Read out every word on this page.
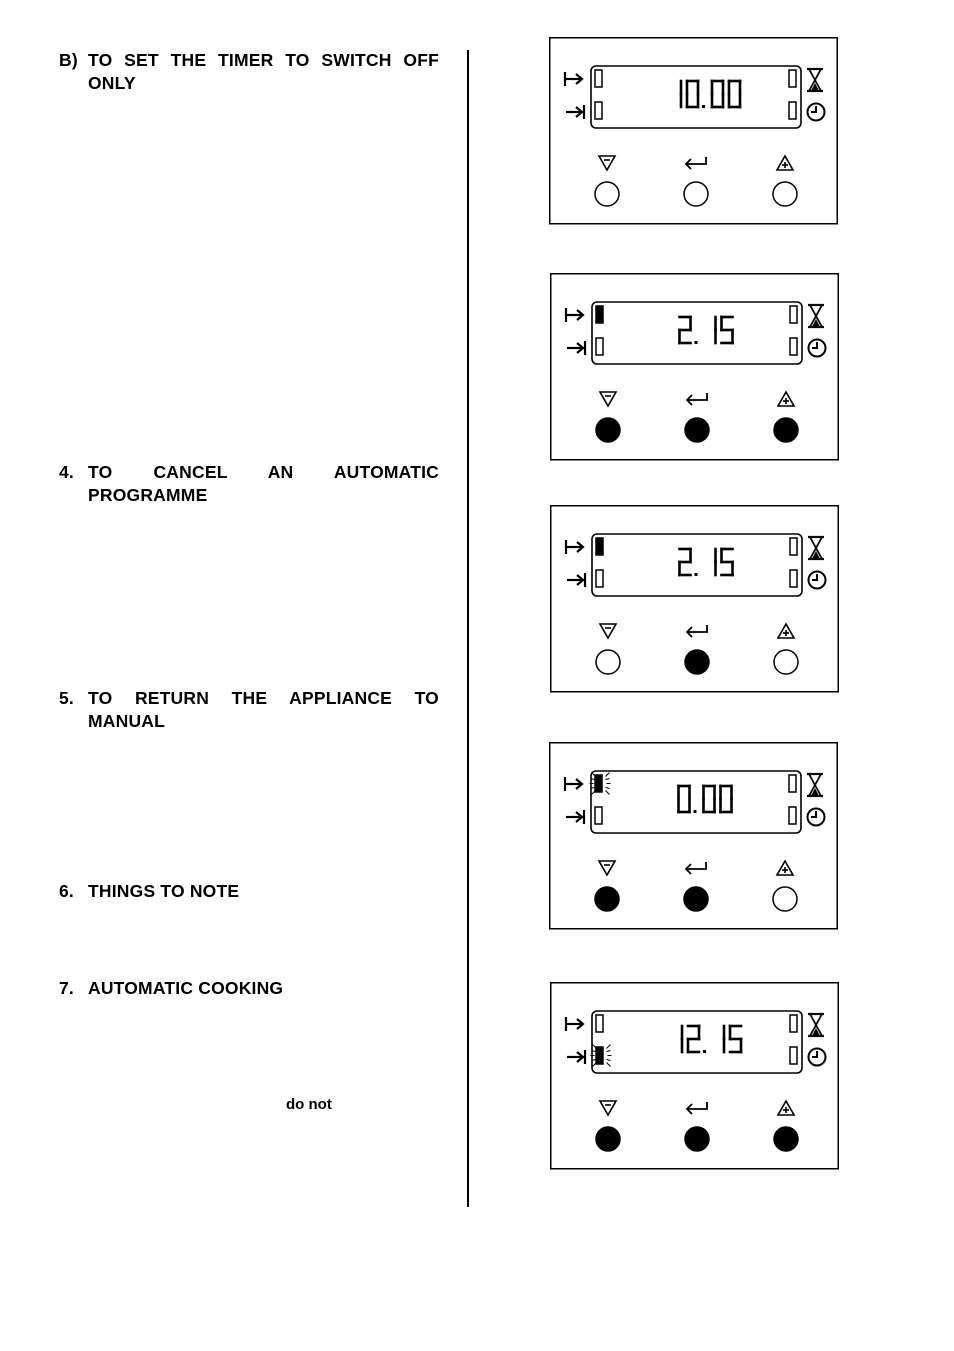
B) TO SET THE TIMER TO SWITCH OFF ONLY
4. TO CANCEL AN AUTOMATIC PROGRAMME
5. TO RETURN THE APPLIANCE TO MANUAL
6. THINGS TO NOTE
7. AUTOMATIC COOKING
do not
